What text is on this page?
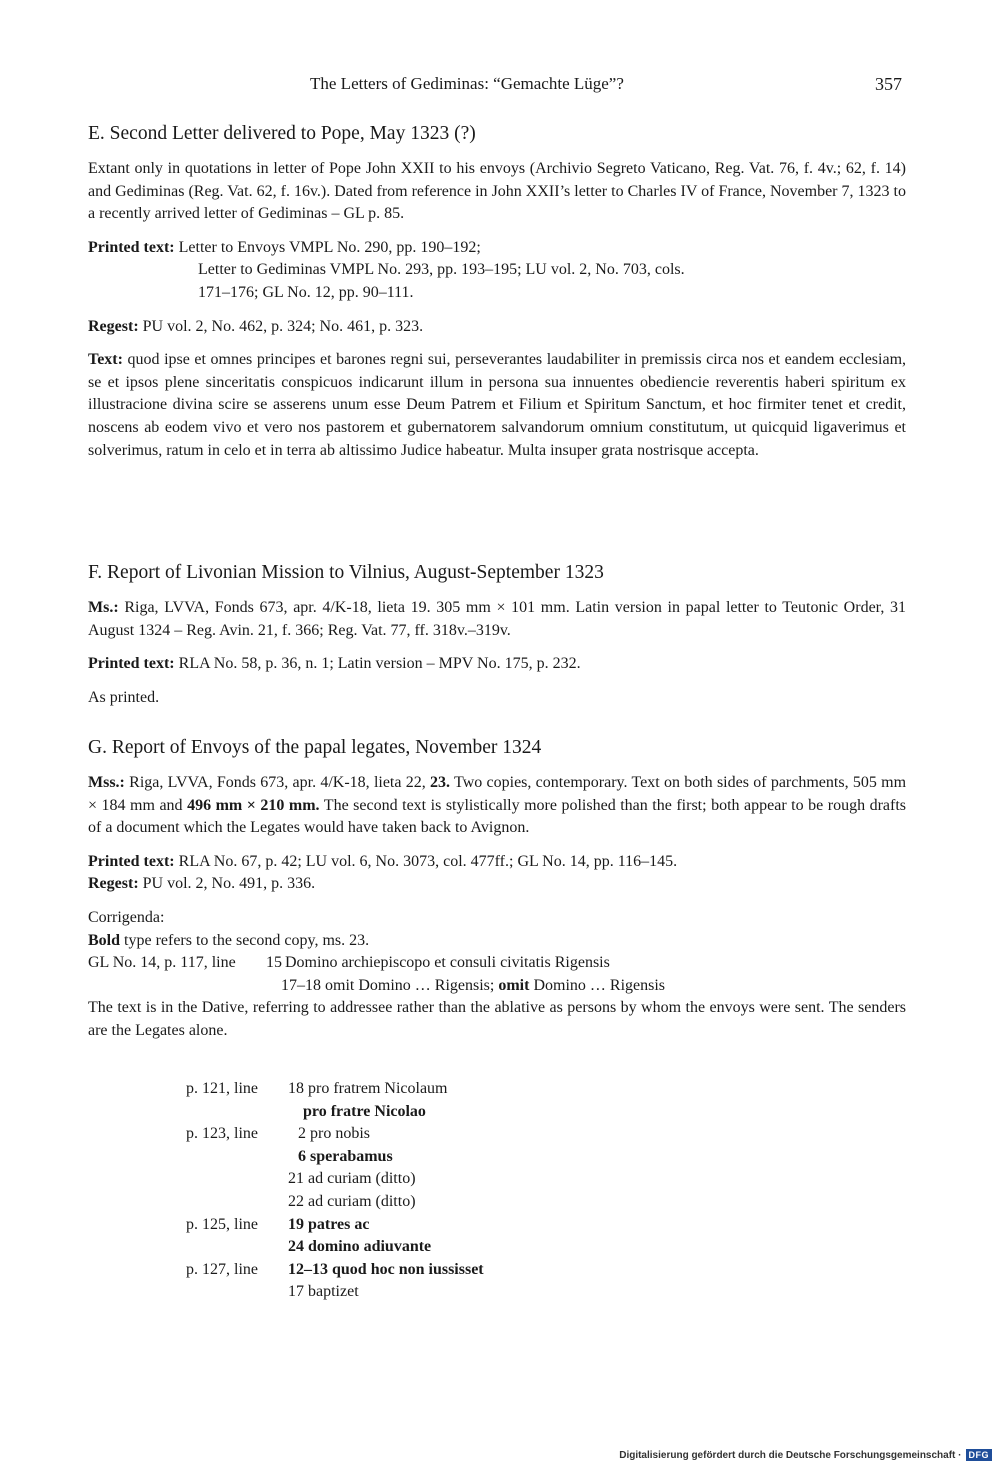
The Letters of Gediminas: “Gemachte Lüge”?	357
E. Second Letter delivered to Pope, May 1323 (?)

Extant only in quotations in letter of Pope John XXII to his envoys (Archivio Segreto Vaticano, Reg. Vat. 76, f. 4v.; 62, f. 14) and Gediminas (Reg. Vat. 62, f. 16v.). Dated from reference in John XXII’s letter to Charles IV of France, November 7, 1323 to a recently arrived letter of Gediminas – GL p. 85.

Printed text: Letter to Envoys VMPL No. 290, pp. 190–192;
Letter to Gediminas VMPL No. 293, pp. 193–195; LU vol. 2, No. 703, cols.
171–176; GL No. 12, pp. 90–111.

Regest: PU vol. 2, No. 462, p. 324; No. 461, p. 323.

Text: quod ipse et omnes principes et barones regni sui, perseverantes laudabiliter in premissis circa nos et eandem ecclesiam, se et ipsos plene sinceritatis conspicuos indicarunt illum in persona sua innuentes obediencie reverentis haberi spiritum ex illustracione divina scire se asserens unum esse Deum Patrem et Filium et Spiritum Sanctum, et hoc firmiter tenet et credit, noscens ab eodem vivo et vero nos pastorem et gubernatorem salvandorum omnium constitutum, ut quicquid ligaverimus et solverimus, ratum in celo et in terra ab altissimo Judice habeatur. Multa insuper grata nostrisque accepta.

F. Report of Livonian Mission to Vilnius, August-September 1323

Ms.: Riga, LVVA, Fonds 673, apr. 4/K-18, lieta 19. 305 mm × 101 mm. Latin version in papal letter to Teutonic Order, 31 August 1324 – Reg. Avin. 21, f. 366; Reg. Vat. 77, ff. 318v.–319v.

Printed text: RLA No. 58, p. 36, n. 1; Latin version – MPV No. 175, p. 232.

As printed.

G. Report of Envoys of the papal legates, November 1324

Mss.: Riga, LVVA, Fonds 673, apr. 4/K-18, lieta 22, 23. Two copies, contemporary. Text on both sides of parchments, 505 mm × 184 mm and 496 mm × 210 mm. The second text is stylistically more polished than the first; both appear to be rough drafts of a document which the Legates would have taken back to Avignon.

Printed text: RLA No. 67, p. 42; LU vol. 6, No. 3073, col. 477ff.; GL No. 14, pp. 116–145.
Regest: PU vol. 2, No. 491, p. 336.
Corrigenda:
Bold type refers to the second copy, ms. 23.
GL No. 14, p. 117, line 15 Domino archiepiscopo et consuli civitatis Rigensis
17–18 omit Domino … Rigensis; omit Domino … Rigensis

The text is in the Dative, referring to addressee rather than the ablative as persons by whom the envoys were sent. The senders are the Legates alone.

p. 121, line 18 pro fratrem Nicolaum
pro fratre Nicolao
p. 123, line	2 pro nobis
6 sperabamus
21 ad curiam (ditto)
22 ad curiam (ditto)
p. 125, line 19 patres ac
24 domino adiuvante
p. 127, line 12–13 quod hoc non iussisset
17 baptizet
Digitalisierung gefördert durch die Deutsche Forschungsgemeinschaft · DFG
